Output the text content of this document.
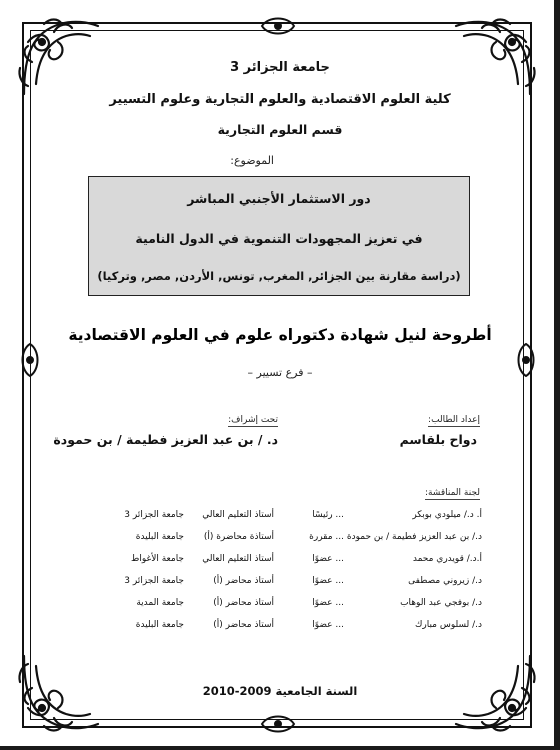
جامعة الجزائر 3
كلية العلوم الاقتصادية والعلوم التجارية وعلوم التسيير
قسم العلوم التجارية
الموضوع:
دور الاستثمار الأجنبي المباشر
في تعزيز المجهودات التنموية في الدول النامية
(دراسة مقارنة بين الجزائر, المغرب, تونس, الأردن, مصر, وتركيا)
أطروحة لنيل شهادة دكتوراه علوم في العلوم الاقتصادية
– فرع تسيير –
إعداد الطالب:
تحت إشراف:
دواح بلقاسم
د. / بن عبد العزيز فطيمة / بن حمودة
لجنة المناقشة:
أ. د./ ميلودي بوبكر
... رئيسًا
أستاذ التعليم العالي
جامعة الجزائر 3
د./ بن عبد العزيز فطيمة / بن حمودة
... مقررة
أستاذة محاضرة (أ)
جامعة البليدة
أ.د./ قويدري محمد
... عضوًا
أستاذ التعليم العالي
جامعة الأغواط
د./ زيروني مصطفى
... عضوًا
أستاذ محاضر (أ)
جامعة الجزائر 3
د./ بوفجي عبد الوهاب
... عضوًا
أستاذ محاضر (أ)
جامعة المدية
د./ لسلوس مبارك
... عضوًا
أستاذ محاضر (أ)
جامعة البليدة
السنة الجامعية 2009-2010
